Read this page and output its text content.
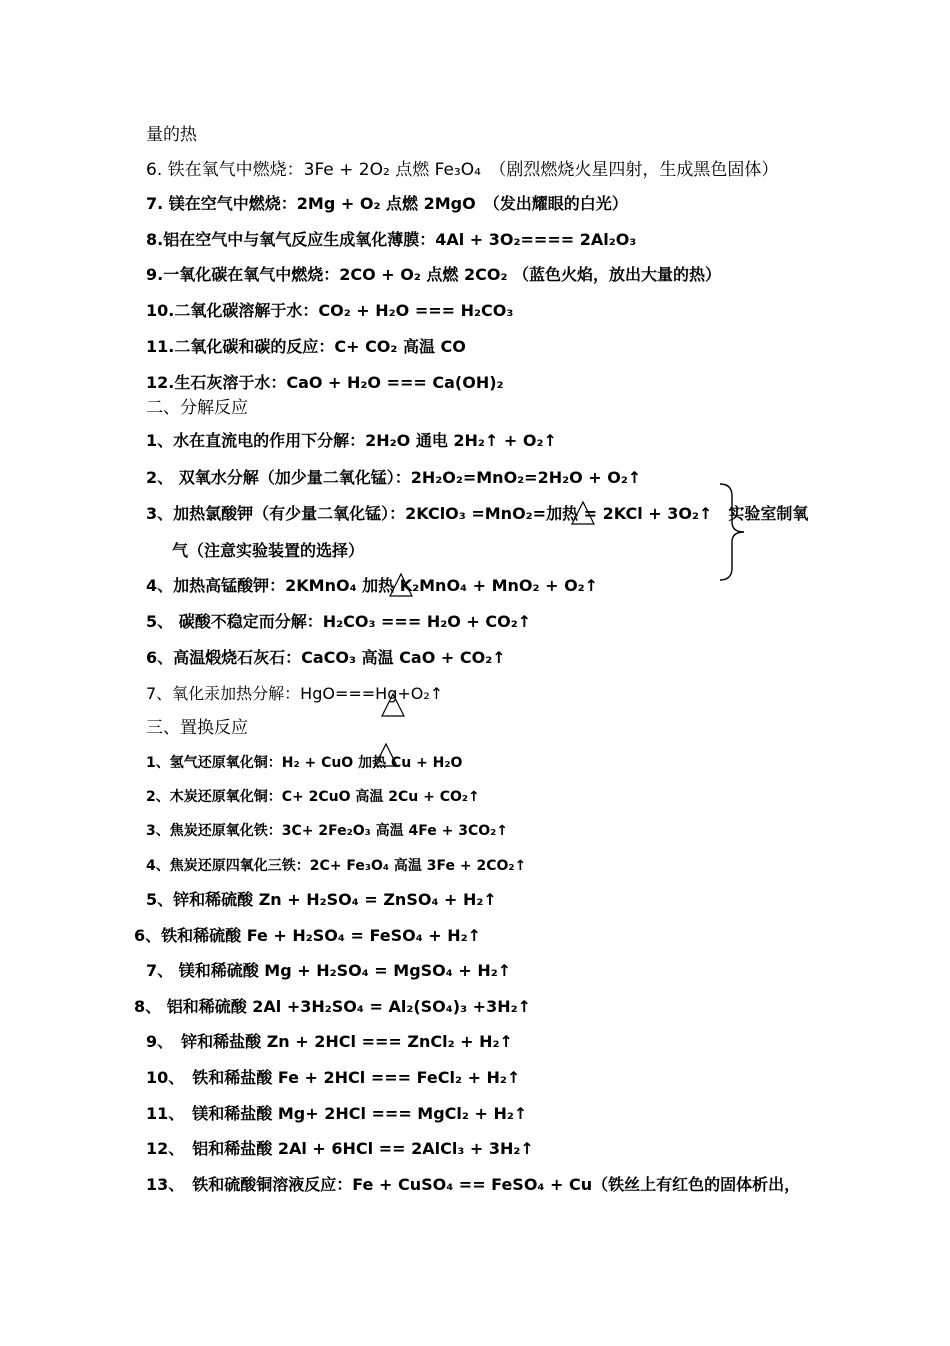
量的热
6. 铁在氧气中燃烧：3Fe + 2O₂ 点燃 Fe₃O₄　（剧烈燃烧火星四射，生成黑色固体）
7. 镁在空气中燃烧：2Mg + O₂ 点燃 2MgO　（发出耀眼的白光）
8.铝在空气中与氧气反应生成氧化薄膜：4Al + 3O₂==== 2Al₂O₃
9.一氧化碳在氧气中燃烧：2CO + O₂ 点燃 2CO₂ （蓝色火焰，放出大量的热）
10.二氧化碳溶解于水：CO₂ + H₂O === H₂CO₃
11.二氧化碳和碳的反应：C+ CO₂ 高温 CO
12.生石灰溶于水：CaO + H₂O === Ca(OH)₂
二、分解反应
1、水在直流电的作用下分解：2H₂O 通电 2H₂↑ + O₂↑
2、 双氧水分解（加少量二氧化锰）：2H₂O₂=MnO₂=2H₂O + O₂↑
3、加热氯酸钾（有少量二氧化锰）：2KClO₃ =MnO₂=加热 = 2KCl + 3O₂↑　实验室制氧
气（注意实验装置的选择）
4、加热高锰酸钾：2KMnO₄ 加热 K₂MnO₄ + MnO₂ + O₂↑
5、 碳酸不稳定而分解：H₂CO₃ === H₂O + CO₂↑
6、高温煅烧石灰石：CaCO₃ 高温 CaO + CO₂↑
7、氧化汞加热分解：HgO===Hg+O₂↑
三、置换反应
1、氢气还原氧化铜：H₂ + CuO 加热 Cu + H₂O
2、木炭还原氧化铜：C+ 2CuO 高温 2Cu + CO₂↑
3、焦炭还原氧化铁：3C+ 2Fe₂O₃ 高温 4Fe + 3CO₂↑
4、焦炭还原四氧化三铁：2C+ Fe₃O₄ 高温 3Fe + 2CO₂↑
5、锌和稀硫酸 Zn + H₂SO₄ = ZnSO₄ + H₂↑
6、铁和稀硫酸 Fe + H₂SO₄ = FeSO₄ + H₂↑
7、 镁和稀硫酸 Mg + H₂SO₄ = MgSO₄ + H₂↑
8、 铝和稀硫酸 2Al +3H₂SO₄ = Al₂(SO₄)₃ +3H₂↑
9、　锌和稀盐酸 Zn + 2HCl === ZnCl₂ + H₂↑
10、　铁和稀盐酸 Fe + 2HCl === FeCl₂ + H₂↑
11、　镁和稀盐酸 Mg+ 2HCl === MgCl₂ + H₂↑
12、　铝和稀盐酸 2Al + 6HCl == 2AlCl₃ + 3H₂↑
13、　铁和硫酸铜溶液反应：Fe + CuSO₄ == FeSO₄ + Cu（铁丝上有红色的固体析出，
